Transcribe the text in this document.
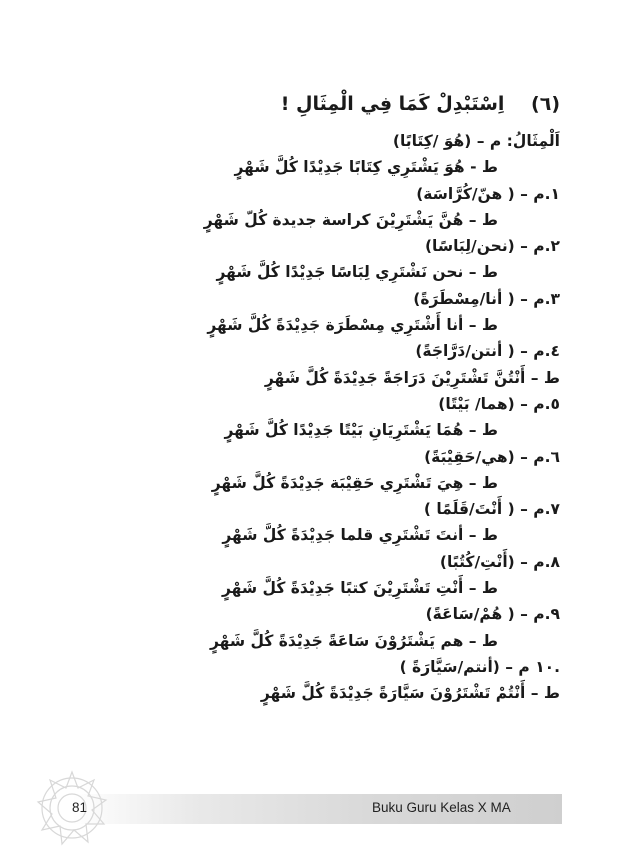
(٦) اِسْتَبْدِلْ كَمَا فِي الْمِثَالِ !
اَلْمِثَالُ: م – (هُوَ /كِتَابًا)
ط - هُوَ يَشْتَرِي كِتَابًا جَدِيْدًا كُلَّ شَهْرٍ
١.م – ( هنّ/كُرَّاسَة)
ط – هُنَّ يَشْتَرِيْنَ كراسة جديدة كُلّ شَهْرٍ
٢.م – (نحن/لِبَاسًا)
ط – نحن نَشْتَرِي لِبَاسًا جَدِيْدًا كُلَّ شَهْرٍ
٣.م – ( أنا/مِسْطَرَةً)
ط – أنا أَشْتَرِي مِسْطَرَة جَدِيْدَةً كُلَّ شَهْرٍ
٤.م – ( أنتن/دَرَّاجَةً)
ط – أَنْتُنَّ تَشْتَرِيْنَ دَرَاجَةً جَدِيْدَةً كُلَّ شَهْرٍ
٥.م – (هما/ بَيْتًا)
ط – هُمَا يَشْتَرِيَانِ بَيْتًا جَدِيْدًا كُلَّ شَهْرٍ
٦.م – (هي/حَقِيْبَةً)
ط – هِيَ تَشْتَرِي حَقِيْبَة جَدِيْدَةً كُلَّ شَهْرٍ
٧.م – ( أَنْتَ/قَلَمًا )
ط – أنتَ تَشْتَرِي قلما جَدِيْدَةً كُلَّ شَهْرٍ
٨.م – (أَنْتِ/كُتُبًا)
ط – أَنْتِ تَشْتَرِيْنَ كتبًا جَدِيْدَةً كُلَّ شَهْرٍ
٩.م – ( هُمْ/سَاعَةً)
ط – هم يَشْتَرُوْنَ سَاعَةً جَدِيْدَةً كُلَّ شَهْرٍ
.١٠ م – (أنتم/سَيَّارَةً )
ط – أَنْتُمْ تَشْتَرُوْنَ سَيَّارَةً جَدِيْدَةً كُلَّ شَهْرٍ
81	Buku Guru Kelas X MA
